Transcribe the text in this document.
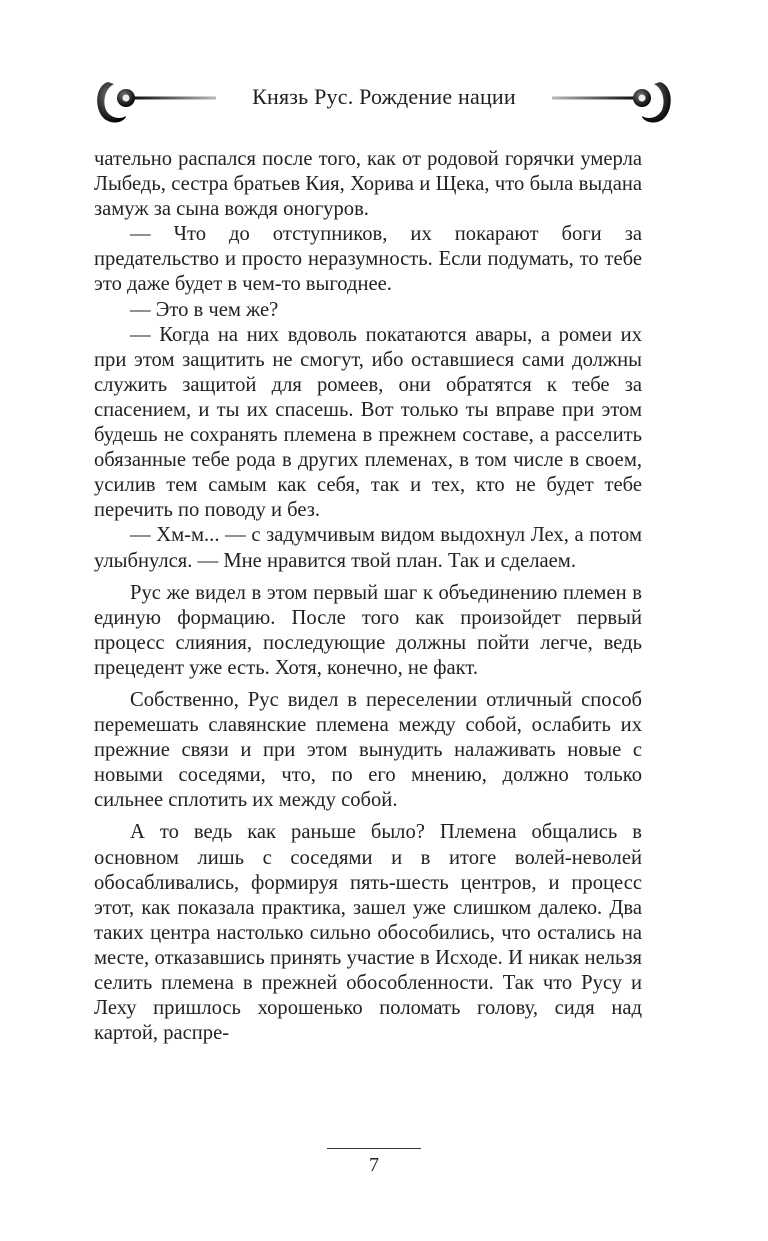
Князь Рус. Рождение нации

чательно распался после того, как от родовой горячки умерла Лыбедь, сестра братьев Кия, Хорива и Щека, что была выдана замуж за сына вождя оногуров.

— Что до отступников, их покарают боги за предательство и просто неразумность. Если подумать, то тебе это даже будет в чем-то выгоднее.

— Это в чем же?

— Когда на них вдоволь покатаются авары, а ромеи их при этом защитить не смогут, ибо оставшиеся сами должны служить защитой для ромеев, они обратятся к тебе за спасением, и ты их спасешь. Вот только ты вправе при этом будешь не сохранять племена в прежнем составе, а расселить обязанные тебе рода в других племенах, в том числе в своем, усилив тем самым как себя, так и тех, кто не будет тебе перечить по поводу и без.

— Хм-м... — с задумчивым видом выдохнул Лех, а потом улыбнулся. — Мне нравится твой план. Так и сделаем.

Рус же видел в этом первый шаг к объединению племен в единую формацию. После того как произойдет первый процесс слияния, последующие должны пойти легче, ведь прецедент уже есть. Хотя, конечно, не факт.

Собственно, Рус видел в переселении отличный способ перемешать славянские племена между собой, ослабить их прежние связи и при этом вынудить налаживать новые с новыми соседями, что, по его мнению, должно только сильнее сплотить их между собой.

А то ведь как раньше было? Племена общались в основном лишь с соседями и в итоге волей-неволей обосабливались, формируя пять-шесть центров, и процесс этот, как показала практика, зашел уже слишком далеко. Два таких центра настолько сильно обособились, что остались на месте, отказавшись принять участие в Исходе. И никак нельзя селить племена в прежней обособленности. Так что Русу и Леху пришлось хорошенько поломать голову, сидя над картой, распре-

7
